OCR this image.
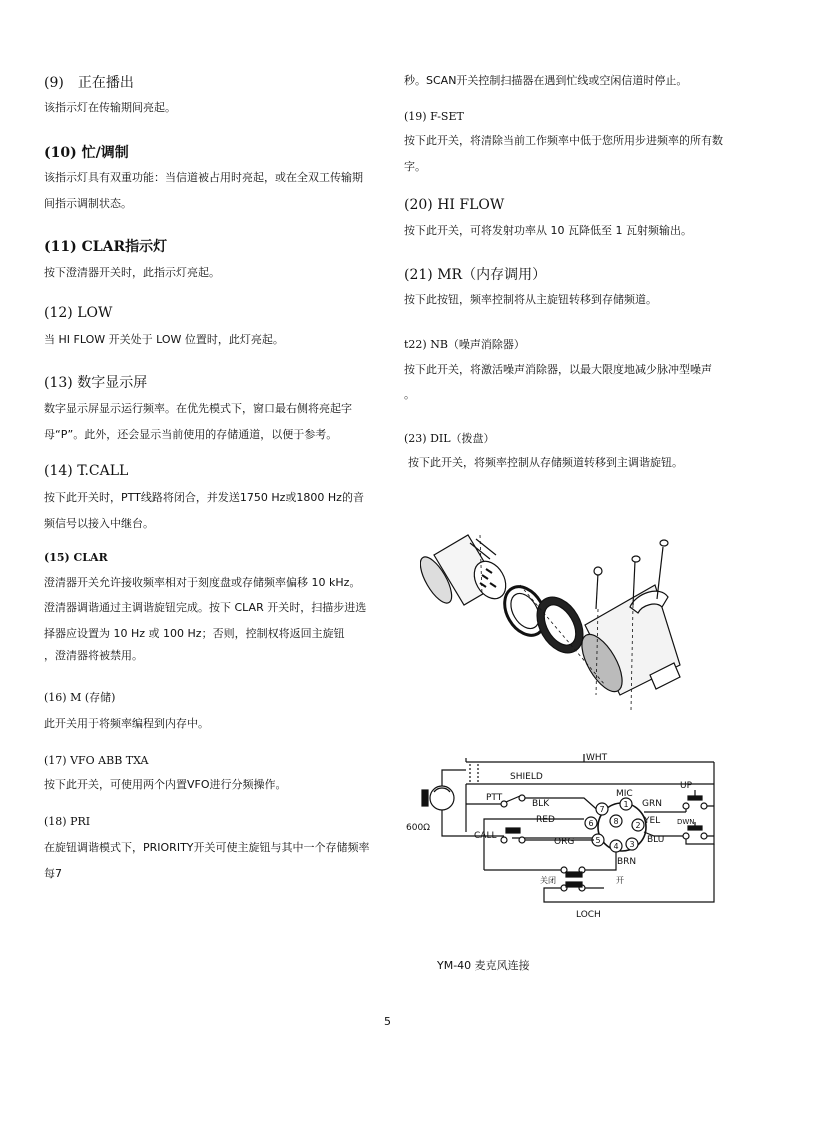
(9)　正在播出
该指示灯在传输期间亮起。
(10) 忙/调制
该指示灯具有双重功能：当信道被占用时亮起，或在全双工传输期间指示调制状态。
(11) CLAR指示灯
按下澄清器开关时，此指示灯亮起。
(12) LOW
当 HI FLOW 开关处于 LOW 位置时，此灯亮起。
(13) 数字显示屏
数字显示屏显示运行频率。在优先模式下，窗口最右侧将亮起字母“P”。此外，还会显示当前使用的存储通道，以便于参考。
(14) T.CALL
按下此开关时，PTT线路将闭合，并发送1750 Hz或1800 Hz的音频信号以接入中继台。
(15) CLAR
澄清器开关允许接收频率相对于刻度盘或存储频率偏移 10 kHz。
澄清器调谐通过主调谐旋钮完成。按下 CLAR 开关时，扫描步进选择器应设置为 10 Hz 或 100 Hz；否则，控制权将返回主旋钮
，澄清器将被禁用。
(16) M (存储)
此开关用于将频率编程到内存中。
(17) VFO ABB TXA
按下此开关，可使用两个内置VFO进行分频操作。
(18) PRI
在旋钮调谐模式下，PRIORITY开关可使主旋钮与其中一个存储频率每7
秒。SCAN开关控制扫描器在遇到忙线或空闲信道时停止。
(19) F-SET
按下此开关，将清除当前工作频率中低于您所用步进频率的所有数字。
(20) HI FLOW
按下此开关，可将发射功率从 10 瓦降低至 1 瓦射频输出。
(21) MR（内存调用）
按下此按钮，频率控制将从主旋钮转移到存储频道。
t22) NB（噪声消除器）
按下此开关，将激活噪声消除器，以最大限度地减少脉冲型噪声
。
(23) DIL（拨盘）
按下此开关，将频率控制从存储频道转移到主调谐旋钮。
WHT
SHIELD
PTT
BLK
RED
MIC
GRN
YEL
BLU
ORG
BRN
CALL
UP
DWN
600Ω
关闭	开
LOCH
1
2
3
4
5
6
7
8
YM-40 麦克风连接
5
